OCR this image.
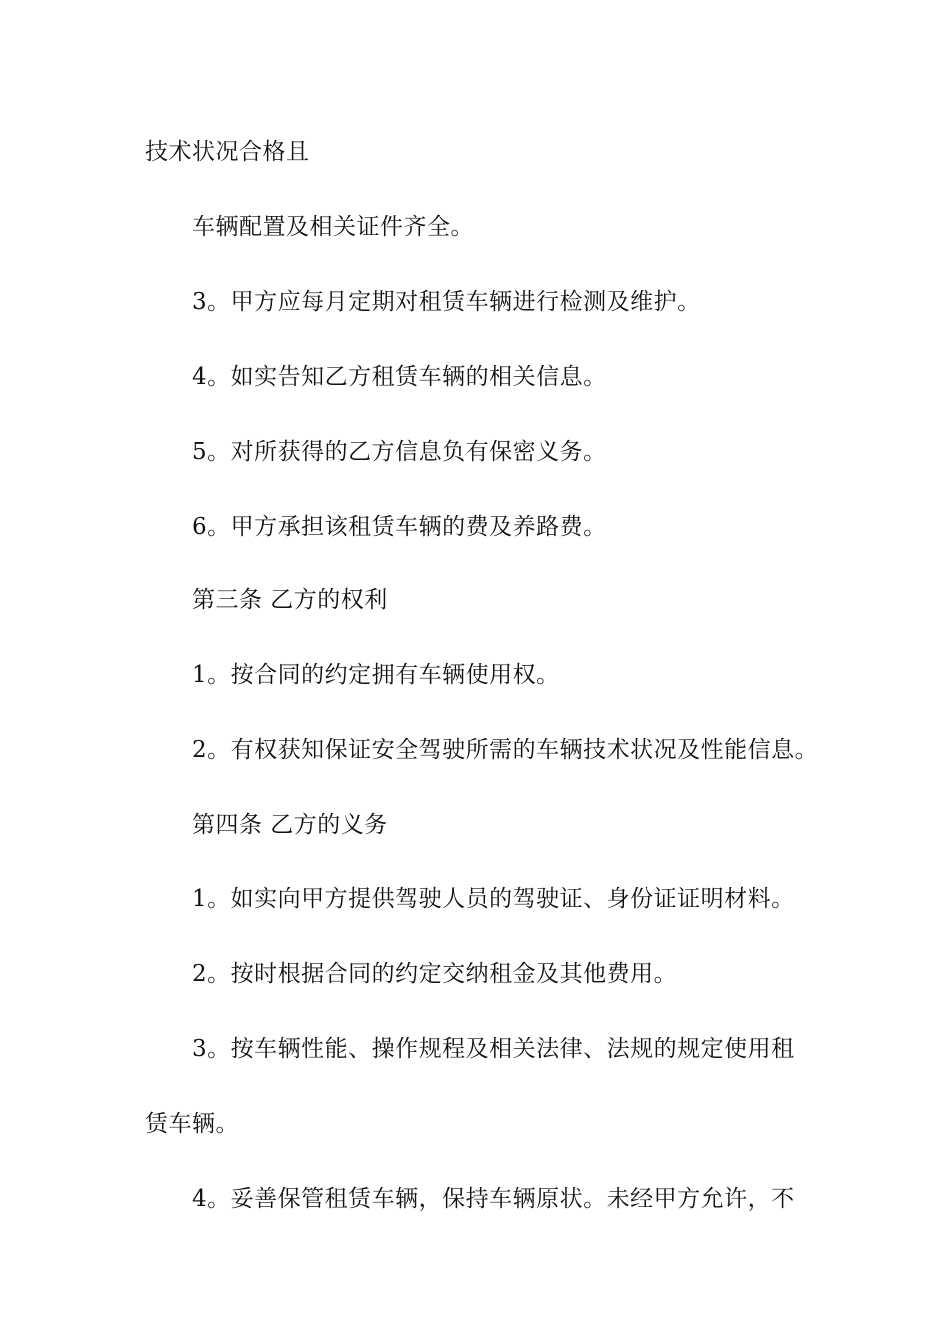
技术状况合格且
车辆配置及相关证件齐全。
3。甲方应每月定期对租赁车辆进行检测及维护。
4。如实告知乙方租赁车辆的相关信息。
5。对所获得的乙方信息负有保密义务。
6。甲方承担该租赁车辆的费及养路费。
第三条 乙方的权利
1。按合同的约定拥有车辆使用权。
2。有权获知保证安全驾驶所需的车辆技术状况及性能信息。
第四条 乙方的义务
1。如实向甲方提供驾驶人员的驾驶证、身份证证明材料。
2。按时根据合同的约定交纳租金及其他费用。
3。按车辆性能、操作规程及相关法律、法规的规定使用租
赁车辆。
4。妥善保管租赁车辆，保持车辆原状。未经甲方允许，不
